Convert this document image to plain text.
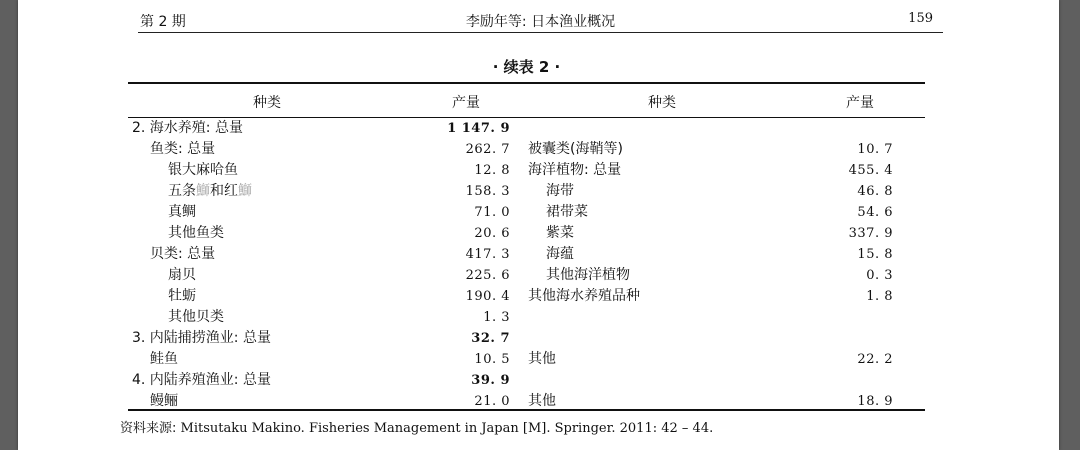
第 2 期	李励年等: 日本渔业概况	159
· 续表 2 ·
种类	产量	种类	产量
2. 海水养殖: 总量	1 147. 9
鱼类: 总量	262. 7 被囊类(海鞘等)	10. 7
银大麻哈鱼	12. 8 海洋植物: 总量	455. 4
五条鰤和红鰤	158. 3	海带	46. 8
真鲷	71. 0	裙带菜	54. 6
其他鱼类	20. 6	紫菜	337. 9
贝类: 总量	417. 3	海蕴	15. 8
扇贝	225. 6	其他海洋植物	0. 3
牡蛎	190. 4 其他海水养殖品种	1. 8
其他贝类	1. 3
3. 内陆捕捞渔业: 总量	32. 7
鲑鱼	10. 5 其他	22. 2
4. 内陆养殖渔业: 总量	39. 9
鳗鲡	21. 0 其他	18. 9
资料来源: Mitsutaku Makino. Fisheries Management in Japan [M]. Springer. 2011: 42 – 44.
